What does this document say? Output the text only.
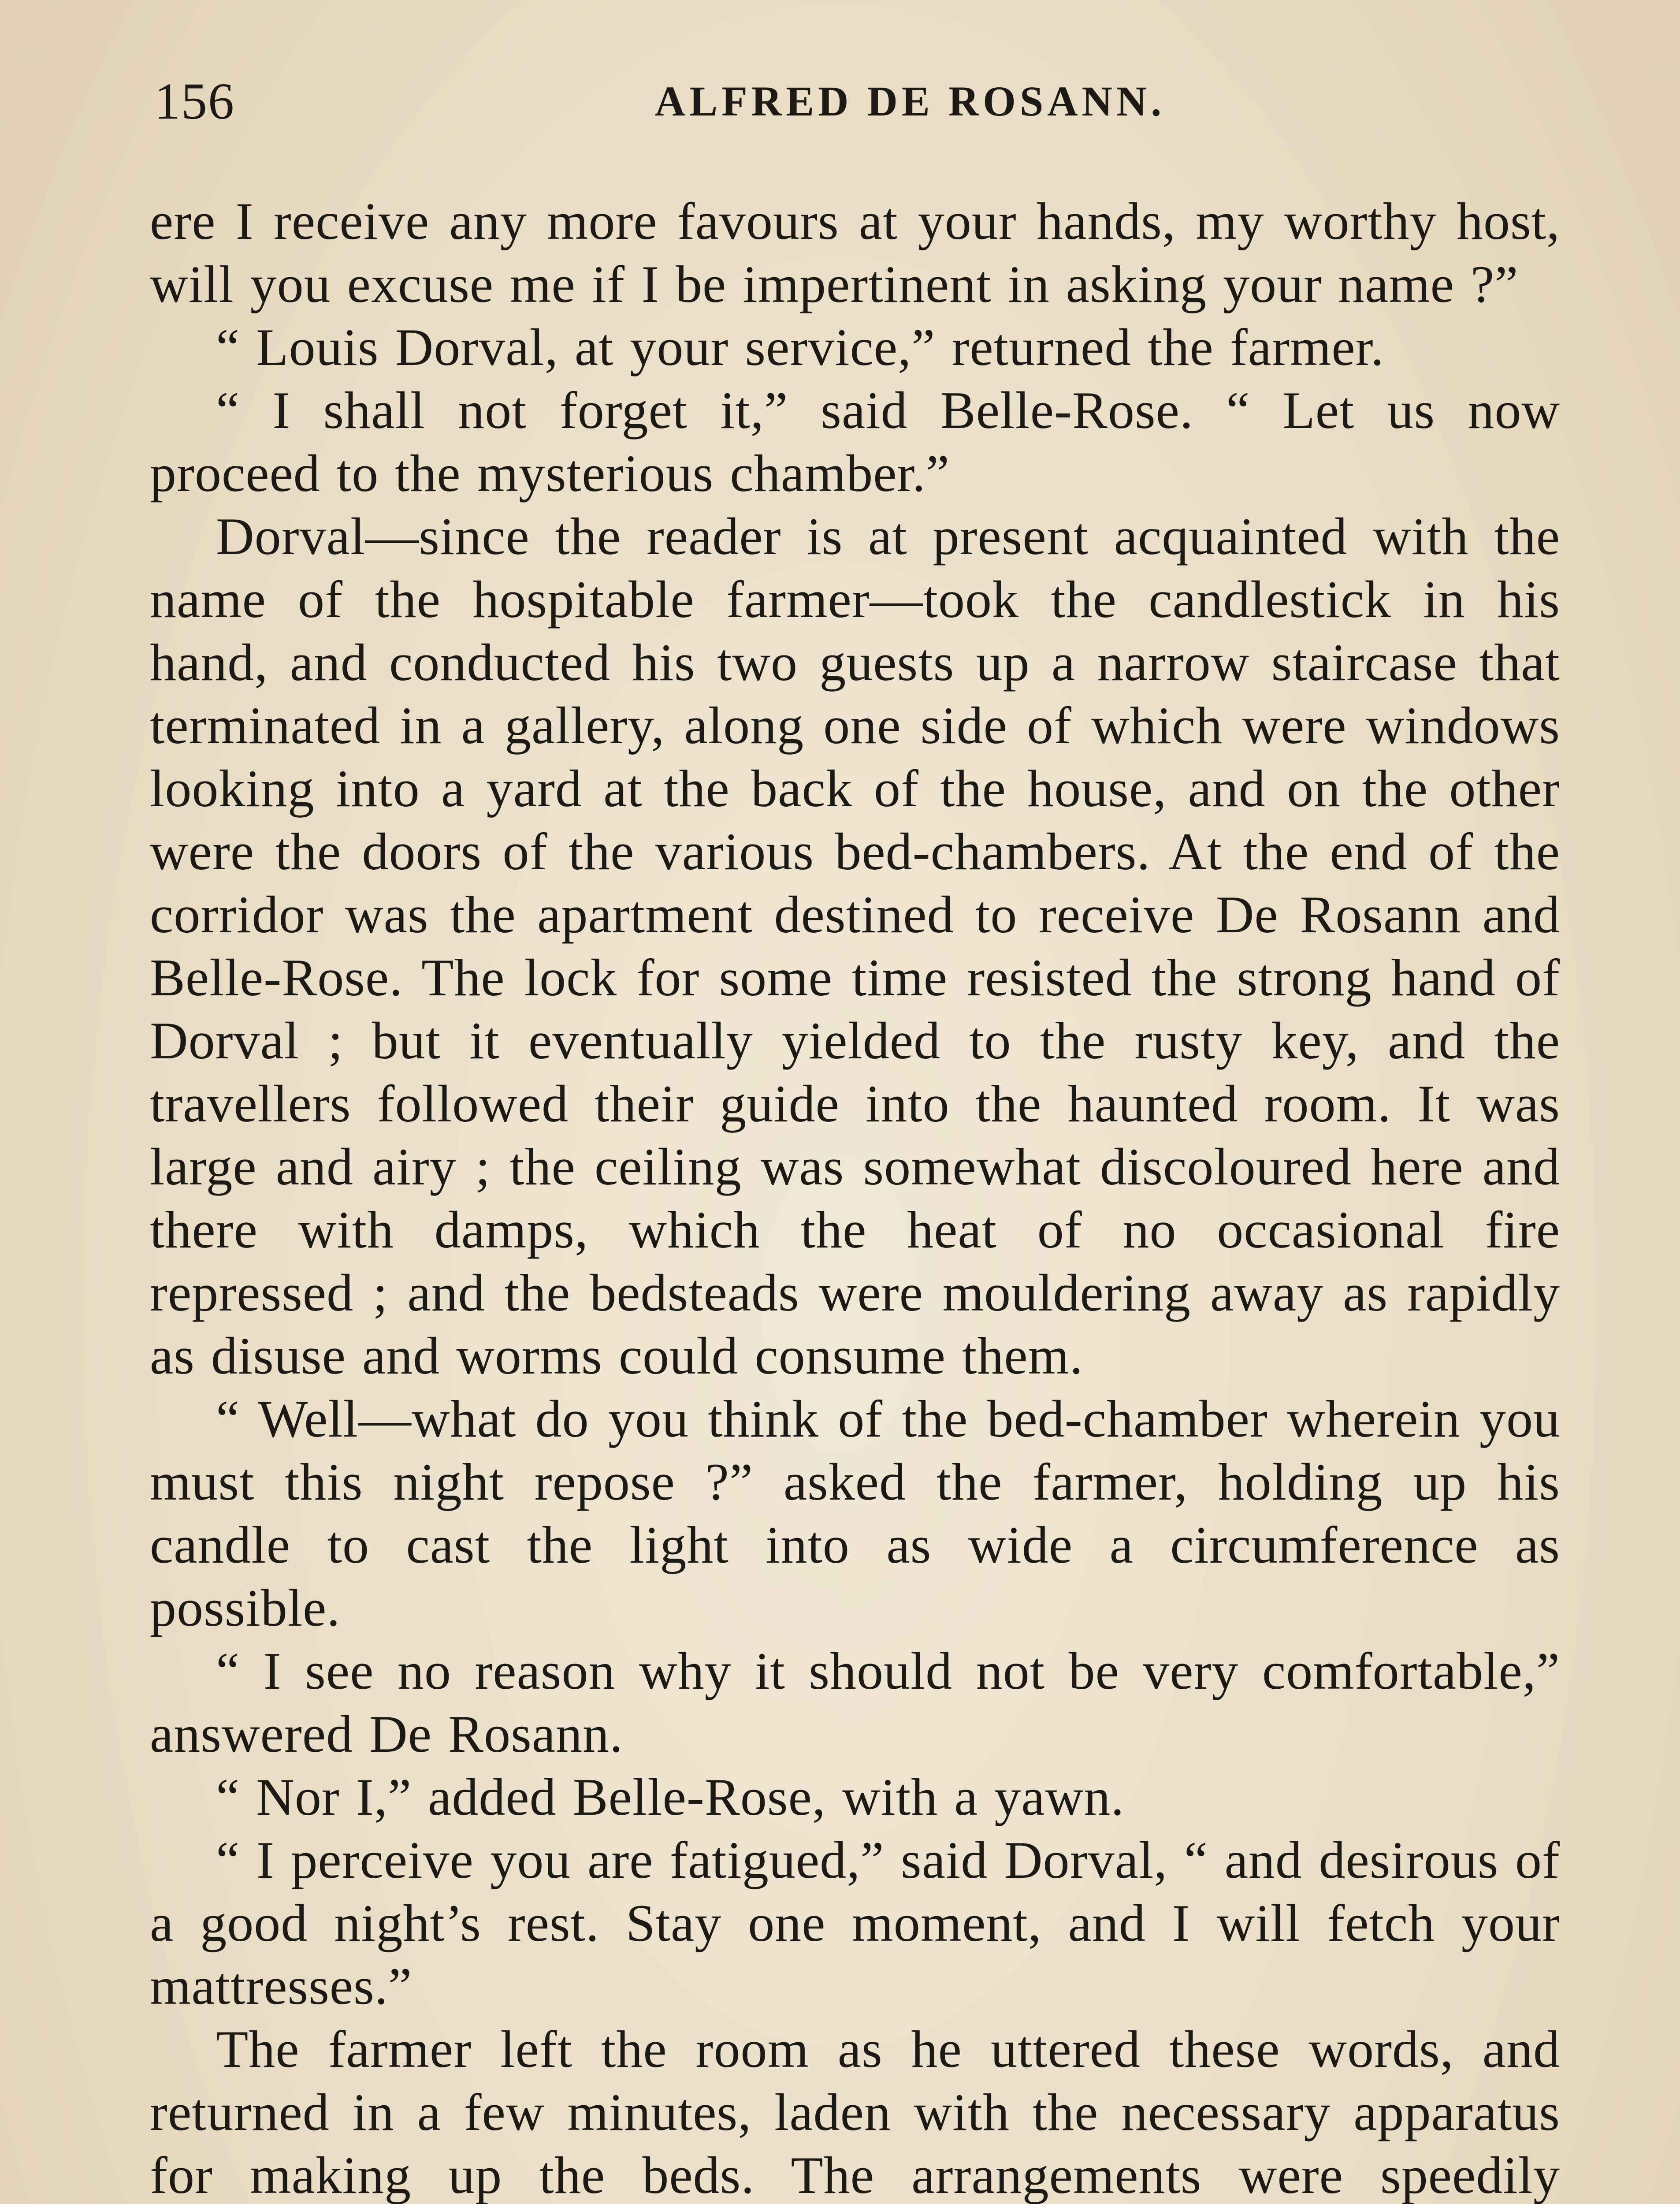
156	ALFRED DE ROSANN.

ere I receive any more favours at your hands, my worthy host, will you excuse me if I be impertinent in asking your name ?”

“ Louis Dorval, at your service,” returned the farmer.

“ I shall not forget it,” said Belle-Rose. “ Let us now proceed to the mysterious chamber.”

Dorval—since the reader is at present acquainted with the name of the hospitable farmer—took the candlestick in his hand, and conducted his two guests up a narrow staircase that terminated in a gallery, along one side of which were windows looking into a yard at the back of the house, and on the other were the doors of the various bed-chambers. At the end of the corridor was the apartment destined to receive De Rosann and Belle-Rose. The lock for some time resisted the strong hand of Dorval ; but it eventually yielded to the rusty key, and the travellers followed their guide into the haunted room. It was large and airy ; the ceiling was somewhat discoloured here and there with damps, which the heat of no occasional fire repressed ; and the bedsteads were mouldering away as rapidly as disuse and worms could consume them.

“ Well—what do you think of the bed-chamber wherein you must this night repose ?” asked the farmer, holding up his candle to cast the light into as wide a circumference as possible.

“ I see no reason why it should not be very comfortable,” answered De Rosann.

“ Nor I,” added Belle-Rose, with a yawn.

“ I perceive you are fatigued,” said Dorval, “ and desirous of a good night’s rest. Stay one moment, and I will fetch your mattresses.”

The farmer left the room as he uttered these words, and returned in a few minutes, laden with the necessary apparatus for making up the beds. The arrangements were speedily
